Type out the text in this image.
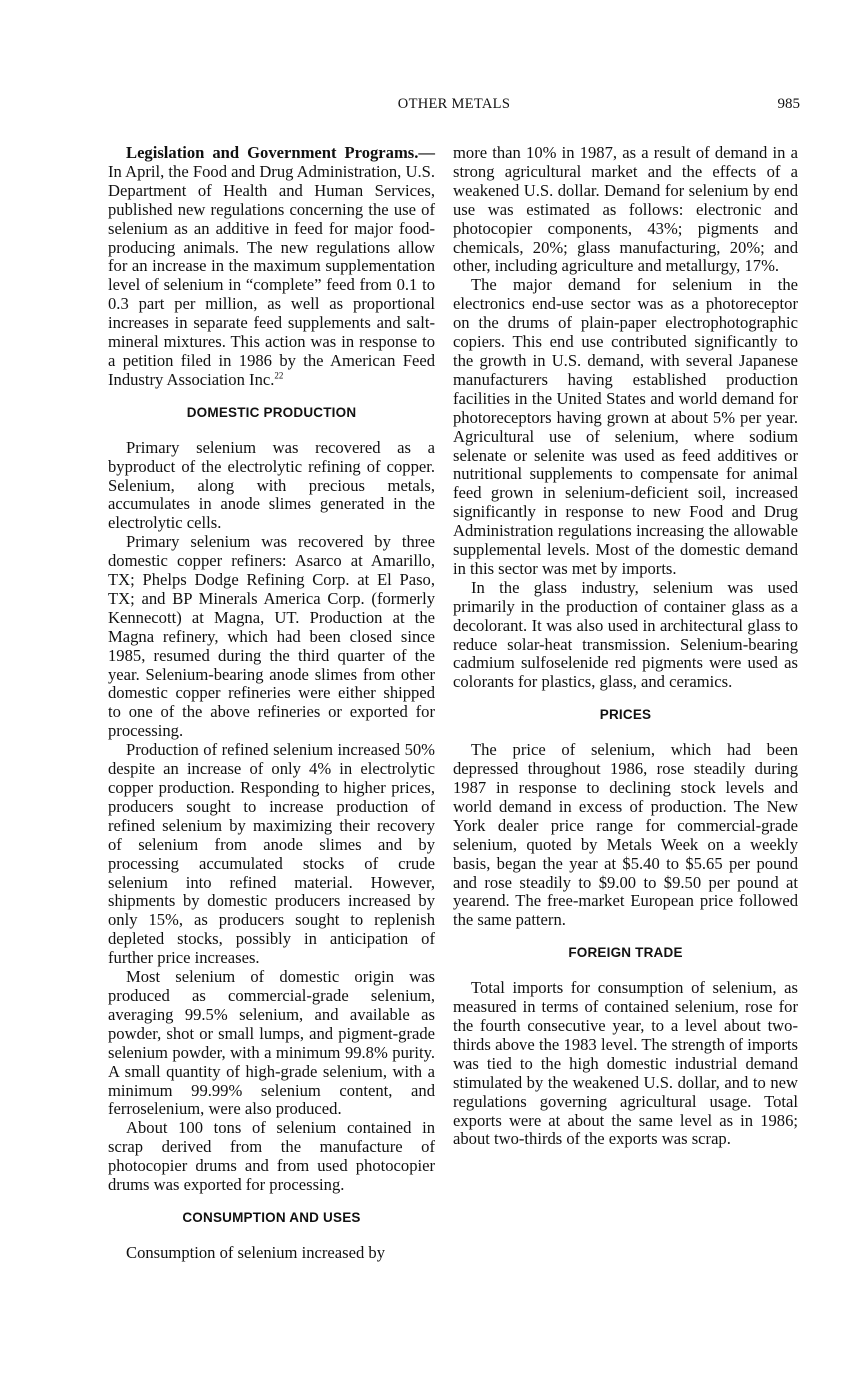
OTHER METALS	985

Legislation and Government Programs.—In April, the Food and Drug Administration, U.S. Department of Health and Human Services, published new regulations concerning the use of selenium as an additive in feed for major food-producing animals. The new regulations allow for an increase in the maximum supplementation level of selenium in “complete” feed from 0.1 to 0.3 part per million, as well as proportional increases in separate feed supplements and salt-mineral mixtures. This action was in response to a petition filed in 1986 by the American Feed Industry Association Inc.$^{22}$

DOMESTIC PRODUCTION

Primary selenium was recovered as a byproduct of the electrolytic refining of copper. Selenium, along with precious metals, accumulates in anode slimes generated in the electrolytic cells.

Primary selenium was recovered by three domestic copper refiners: Asarco at Amarillo, TX; Phelps Dodge Refining Corp. at El Paso, TX; and BP Minerals America Corp. (formerly Kennecott) at Magna, UT. Production at the Magna refinery, which had been closed since 1985, resumed during the third quarter of the year. Selenium-bearing anode slimes from other domestic copper refineries were either shipped to one of the above refineries or exported for processing.

Production of refined selenium increased 50% despite an increase of only 4% in electrolytic copper production. Responding to higher prices, producers sought to increase production of refined selenium by maximizing their recovery of selenium from anode slimes and by processing accumulated stocks of crude selenium into refined material. However, shipments by domestic producers increased by only 15%, as producers sought to replenish depleted stocks, possibly in anticipation of further price increases.

Most selenium of domestic origin was produced as commercial-grade selenium, averaging 99.5% selenium, and available as powder, shot or small lumps, and pigment-grade selenium powder, with a minimum 99.8% purity. A small quantity of high-grade selenium, with a minimum 99.99% selenium content, and ferroselenium, were also produced.

About 100 tons of selenium contained in scrap derived from the manufacture of photocopier drums and from used photocopier drums was exported for processing.

CONSUMPTION AND USES

Consumption of selenium increased by

more than 10% in 1987, as a result of demand in a strong agricultural market and the effects of a weakened U.S. dollar. Demand for selenium by end use was estimated as follows: electronic and photocopier components, 43%; pigments and chemicals, 20%; glass manufacturing, 20%; and other, including agriculture and metallurgy, 17%.

The major demand for selenium in the electronics end-use sector was as a photoreceptor on the drums of plain-paper electrophotographic copiers. This end use contributed significantly to the growth in U.S. demand, with several Japanese manufacturers having established production facilities in the United States and world demand for photoreceptors having grown at about 5% per year. Agricultural use of selenium, where sodium selenate or selenite was used as feed additives or nutritional supplements to compensate for animal feed grown in selenium-deficient soil, increased significantly in response to new Food and Drug Administration regulations increasing the allowable supplemental levels. Most of the domestic demand in this sector was met by imports.

In the glass industry, selenium was used primarily in the production of container glass as a decolorant. It was also used in architectural glass to reduce solar-heat transmission. Selenium-bearing cadmium sulfoselenide red pigments were used as colorants for plastics, glass, and ceramics.

PRICES

The price of selenium, which had been depressed throughout 1986, rose steadily during 1987 in response to declining stock levels and world demand in excess of production. The New York dealer price range for commercial-grade selenium, quoted by Metals Week on a weekly basis, began the year at $5.40 to $5.65 per pound and rose steadily to $9.00 to $9.50 per pound at yearend. The free-market European price followed the same pattern.

FOREIGN TRADE

Total imports for consumption of selenium, as measured in terms of contained selenium, rose for the fourth consecutive year, to a level about two-thirds above the 1983 level. The strength of imports was tied to the high domestic industrial demand stimulated by the weakened U.S. dollar, and to new regulations governing agricultural usage. Total exports were at about the same level as in 1986; about two-thirds of the exports was scrap.
